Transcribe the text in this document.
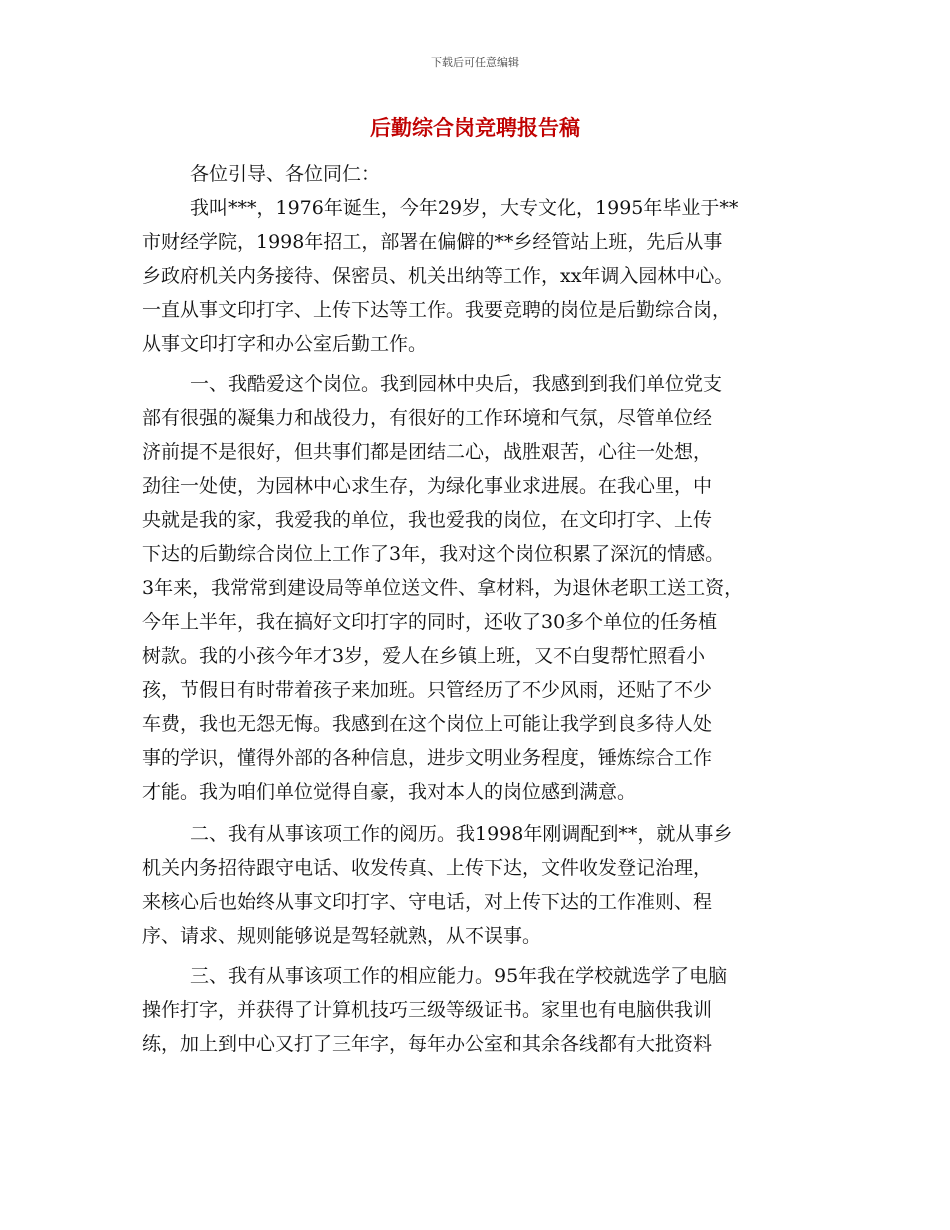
下载后可任意编辑
后勤综合岗竞聘报告稿
各位引导、各位同仁：
我叫***，1976年诞生，今年29岁，大专文化，1995年毕业于**
市财经学院，1998年招工，部署在偏僻的**乡经管站上班，先后从事
乡政府机关内务接待、保密员、机关出纳等工作，xx年调入园林中心。
一直从事文印打字、上传下达等工作。我要竞聘的岗位是后勤综合岗，
从事文印打字和办公室后勤工作。
一、我酷爱这个岗位。我到园林中央后，我感到到我们单位党支
部有很强的凝集力和战役力，有很好的工作环境和气氛，尽管单位经
济前提不是很好，但共事们都是团结二心，战胜艰苦，心往一处想，
劲往一处使，为园林中心求生存，为绿化事业求进展。在我心里，中
央就是我的家，我爱我的单位，我也爱我的岗位，在文印打字、上传
下达的后勤综合岗位上工作了3年，我对这个岗位积累了深沉的情感。
3年来，我常常到建设局等单位送文件、拿材料，为退休老职工送工资，
今年上半年，我在搞好文印打字的同时，还收了30多个单位的任务植
树款。我的小孩今年才3岁，爱人在乡镇上班，又不白叟帮忙照看小
孩，节假日有时带着孩子来加班。只管经历了不少风雨，还贴了不少
车费，我也无怨无悔。我感到在这个岗位上可能让我学到良多待人处
事的学识，懂得外部的各种信息，进步文明业务程度，锤炼综合工作
才能。我为咱们单位觉得自豪，我对本人的岗位感到满意。
二、我有从事该项工作的阅历。我1998年刚调配到**，就从事乡
机关内务招待跟守电话、收发传真、上传下达，文件收发登记治理，
来核心后也始终从事文印打字、守电话，对上传下达的工作准则、程
序、请求、规则能够说是驾轻就熟，从不误事。
三、我有从事该项工作的相应能力。95年我在学校就选学了电脑
操作打字，并获得了计算机技巧三级等级证书。家里也有电脑供我训
练，加上到中心又打了三年字，每年办公室和其余各线都有大批资料
